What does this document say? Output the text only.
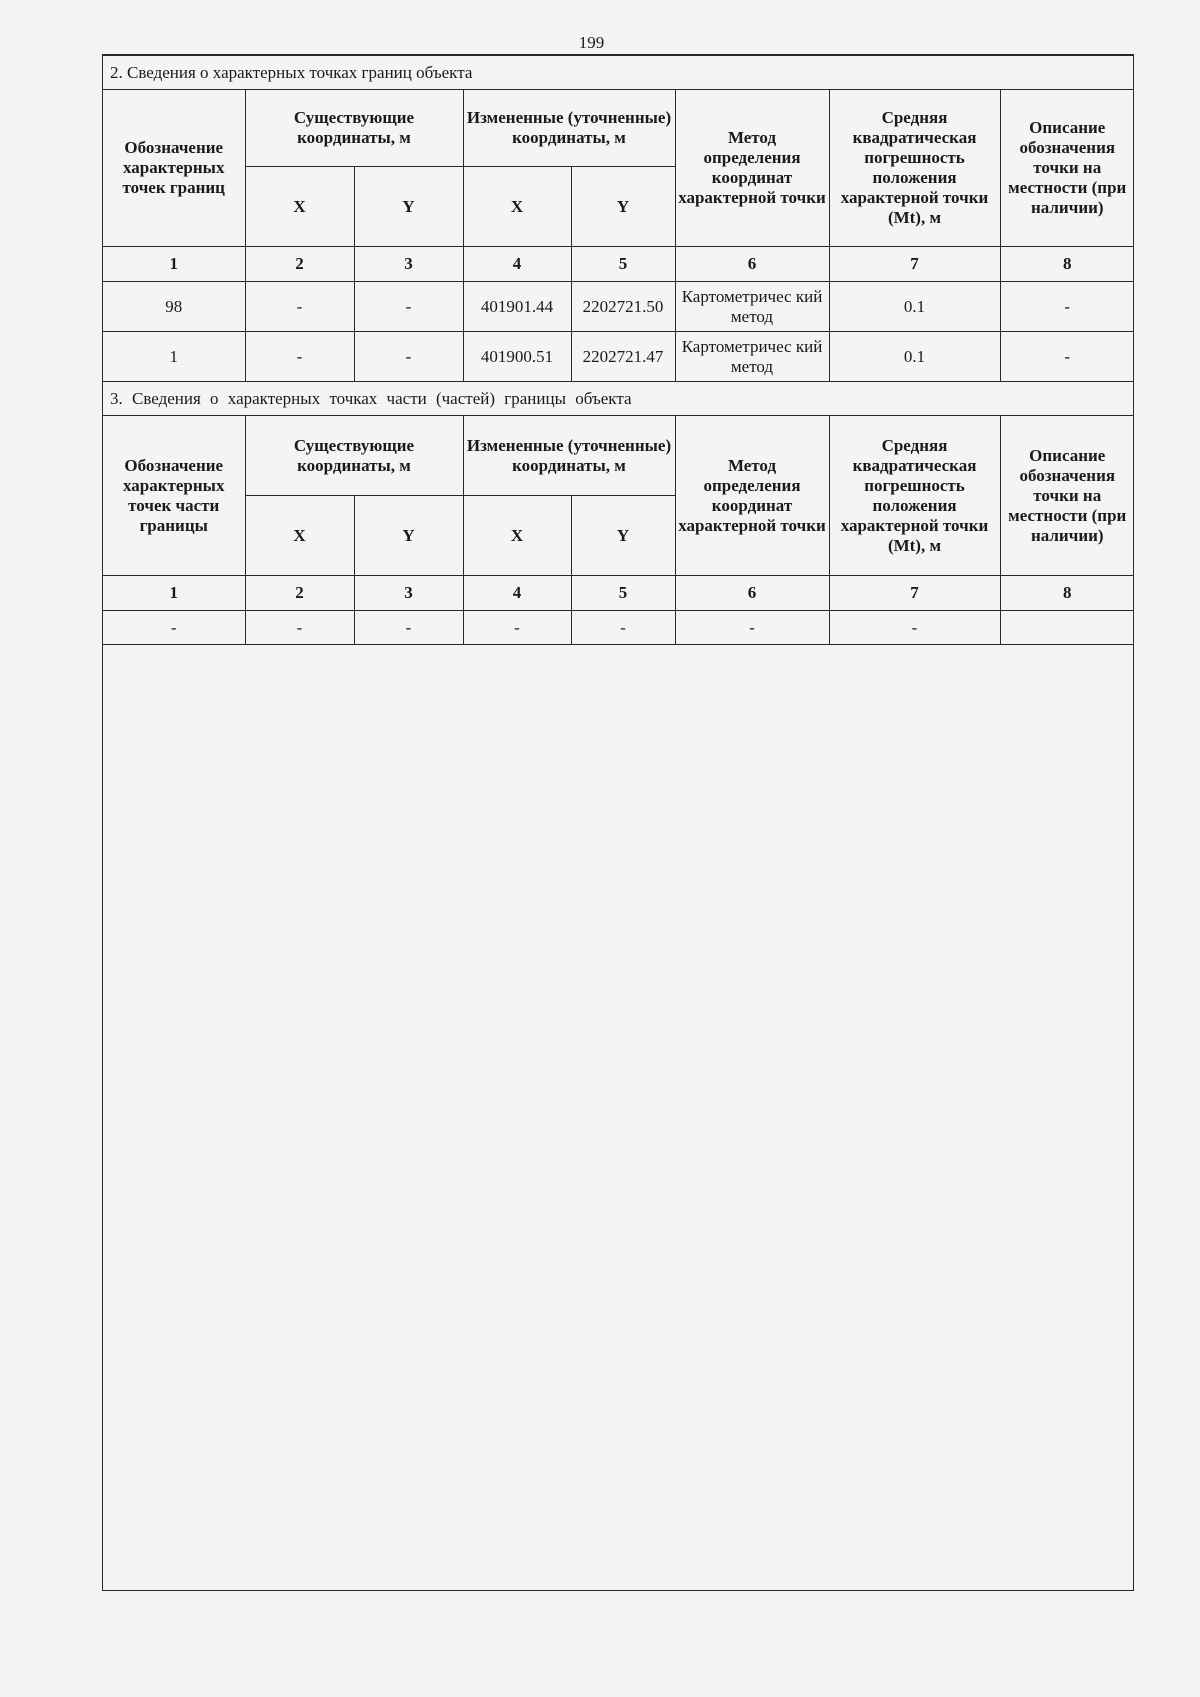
199
2. Сведения о характерных точках границ объекта							
Обозначение характерных точек границ	Существующие координаты, м		Измененные (уточненные) координаты, м		Метод определения координат характерной точки	Средняя квадратическая погрешность положения характерной точки (Mt), м	Описание обозначения точки на местности (при наличии)
	X	Y	X	Y			
1	2	3	4	5	6	7	8
98	-	-	401901.44	2202721.50	Картометричес кий метод	0.1	-
1	-	-	401900.51	2202721.47	Картометричес кий метод	0.1	-
3. Сведения о характерных точках части (частей) границы объекта							
Обозначение характерных точек части границы	Существующие координаты, м		Измененные (уточненные) координаты, м		Метод определения координат характерной точки	Средняя квадратическая погрешность положения характерной точки (Mt), м	Описание обозначения точки на местности (при наличии)
	X	Y	X	Y			
1	2	3	4	5	6	7	8
-	-	-	-	-	-	-	
